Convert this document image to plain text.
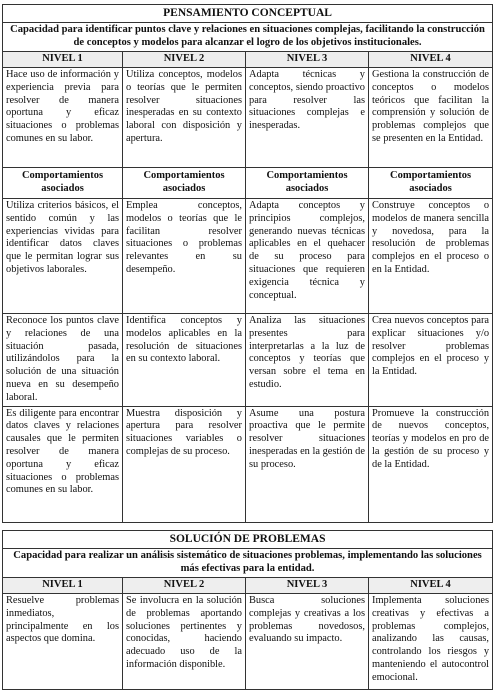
PENSAMIENTO CONCEPTUAL			
Capacidad para identificar puntos clave y relaciones en situaciones complejas, facilitando la construcción de conceptos y modelos para alcanzar el logro de los objetivos institucionales.			
NIVEL 1	NIVEL 2	NIVEL 3	NIVEL 4
Hace uso de información y experiencia previa para resolver de manera oportuna y eficaz situaciones o problemas comunes en su labor.	Utiliza conceptos, modelos o teorías que le permiten resolver situaciones inesperadas en su contexto laboral con disposición y apertura.	Adapta técnicas y conceptos, siendo proactivo para resolver las situaciones complejas e inesperadas.	Gestiona la construcción de conceptos o modelos teóricos que facilitan la comprensión y solución de problemas complejos que se presenten en la Entidad.
Comportamientos asociados	Comportamientos asociados	Comportamientos asociados	Comportamientos asociados
Utiliza criterios básicos, el sentido común y las experiencias vividas para identificar datos claves que le permitan lograr sus objetivos laborales.	Emplea conceptos, modelos o teorías que le facilitan resolver situaciones o problemas relevantes en su desempeño.	Adapta conceptos y principios complejos, generando nuevas técnicas aplicables en el quehacer de su proceso para situaciones que requieren exigencia técnica y conceptual.	Construye conceptos o modelos de manera sencilla y novedosa, para la resolución de problemas complejos en el proceso o en la Entidad.
Reconoce los puntos clave y relaciones de una situación pasada, utilizándolos para la solución de una situación nueva en su desempeño laboral.	Identifica conceptos y modelos aplicables en la resolución de situaciones en su contexto laboral.	Analiza las situaciones presentes para interpretarlas a la luz de conceptos y teorías que versan sobre el tema en estudio.	Crea nuevos conceptos para explicar situaciones y/o resolver problemas complejos en el proceso y la Entidad.
Es diligente para encontrar datos claves y relaciones causales que le permiten resolver de manera oportuna y eficaz situaciones o problemas comunes en su labor.	Muestra disposición y apertura para resolver situaciones variables o complejas de su proceso.	Asume una postura proactiva que le permite resolver situaciones inesperadas en la gestión de su proceso.	Promueve la construcción de nuevos conceptos, teorías y modelos en pro de la gestión de su proceso y de la Entidad.
SOLUCIÓN DE PROBLEMAS			
Capacidad para realizar un análisis sistemático de situaciones problemas, implementando las soluciones más efectivas para la entidad.			
NIVEL 1	NIVEL 2	NIVEL 3	NIVEL 4
Resuelve problemas inmediatos, principalmente en los aspectos que domina.	Se involucra en la solución de problemas aportando soluciones pertinentes y conocidas, haciendo adecuado uso de la información disponible.	Busca soluciones complejas y creativas a los problemas novedosos, evaluando su impacto.	Implementa soluciones creativas y efectivas a problemas complejos, analizando las causas, controlando los riesgos y manteniendo el autocontrol emocional.
